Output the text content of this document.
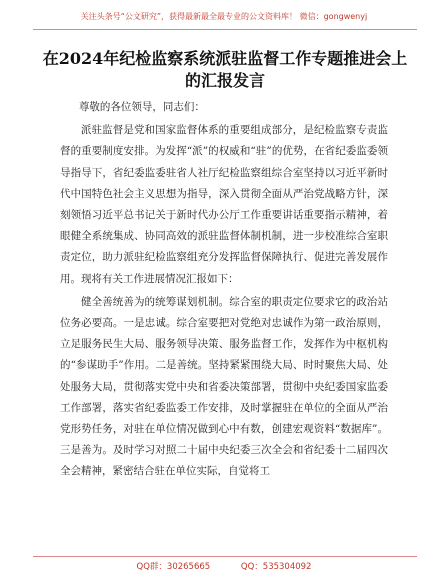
关注头条号“公文研究”，获得最新最全最专业的公文资料库！ 微信：gongwenyj
在2024年纪检监察系统派驻监督工作专题推进会上的汇报发言

尊敬的各位领导，同志们：

派驻监督是党和国家监督体系的重要组成部分，是纪检监察专责监督的重要制度安排。为发挥“派”的权威和“驻”的优势，在省纪委监委领导指导下，省纪委监委驻省人社厅纪检监察组综合室坚持以习近平新时代中国特色社会主义思想为指导，深入贯彻全面从严治党战略方针，深刻领悟习近平总书记关于新时代办公厅工作重要讲话重要指示精神，着眼健全系统集成、协同高效的派驻监督体制机制，进一步校准综合室职责定位，助力派驻纪检监察组充分发挥监督保障执行、促进完善发展作用。现将有关工作进展情况汇报如下：

健全善统善为的统筹谋划机制。综合室的职责定位要求它的政治站位务必要高。一是忠诚。综合室要把对党绝对忠诚作为第一政治原则，立足服务民生大局、服务领导决策、服务监督工作，发挥作为中枢机构的“参谋助手”作用。二是善统。坚持紧紧围绕大局、时时聚焦大局、处处服务大局，贯彻落实党中央和省委决策部署，贯彻中央纪委国家监委工作部署，落实省纪委监委工作安排，及时掌握驻在单位的全面从严治党形势任务，对驻在单位情况做到心中有数，创建宏观资料“数据库”。三是善为。及时学习对照二十届中央纪委三次全会和省纪委十二届四次全会精神，紧密结合驻在单位实际，自觉将工

QQ群：30265665	QQ：535304092
